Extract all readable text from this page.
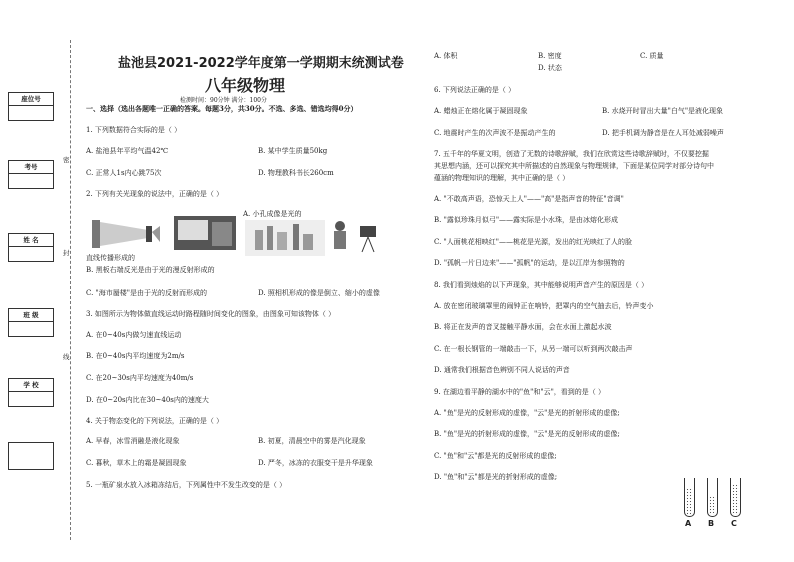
座位号
考号
姓 名
班 级
学 校
密
封
线
盐池县2021-2022学年度第一学期期末统测试卷
八年级物理
检测时间：90分钟 满分：100分
一、选择（选出各题唯一正确的答案。每题3分，共30分。不选、多选、错选均得0分）
1. 下列数据符合实际的是（ ）
A. 盐池县年平均气温42℃	B. 某中学生质量50kg
C. 正常人1s内心跳75次	D. 物理教科书长260cm
2. 下列有关光现象的说法中，正确的是（ ）
A. 小孔成像是光的
直线传播形成的
B. 黑板右端反光是由于光的漫反射形成的
C. "海市蜃楼"是由于光的反射而形成的	D. 照相机形成的像是倒立、缩小的虚像
3. 如图所示为物体做直线运动时路程随时间变化的图象，由图象可知该物体（ ）
A. 在0~40s内做匀速直线运动
B. 在0~40s内平均速度为2m/s
C. 在20~30s内平均速度为40m/s
D. 在0~20s内比在30~40s内的速度大
4. 关于物态变化的下列说法，正确的是（ ）
A. 早春，冰雪消融是液化现象	B. 初夏，清晨空中的雾是汽化现象
C. 暮秋，草木上的霜是凝固现象	D. 严冬，冰冻的衣服变干是升华现象
5. 一瓶矿泉水放入冰箱冻结后，下列属性中不发生改变的是（ ）
A. 体积	B. 密度	C. 质量
D. 状态
6. 下列说法正确的是（ ）
A. 蜡烛正在熔化属于凝固现象	B. 水烧开时冒出大量"白气"是液化现象
C. 地震时产生的次声波不是振动产生的	D. 把手机调为静音是在人耳处减弱噪声
7. 五千年的华夏文明，创造了无数的诗歌辞赋，我们在欣赏这些诗歌辞赋时，不仅要挖掘
其思想内涵，还可以探究其中所描述的自然现象与物理规律，下面是某位同学对部分诗句中
蕴涵的物理知识的理解，其中正确的是（ ）
A. "不敢高声语，恐惊天上人"——"高"是指声音的特征"音调"
B. "露似珍珠月似弓"——露实际是小水珠，是由冰熔化形成
C. "人面桃花相映红"——桃花是光源，发出的红光映红了人的脸
D. "孤帆一片日边来"——"孤帆"的运动，是以江岸为参照物的
8. 我们看到烛焰的以下声现象，其中能够说明声音产生的原因是（ ）
A. 放在密闭玻璃罩里的闹钟正在响铃，把罩内的空气抽去后，铃声变小
B. 将正在发声的音叉接触平静水面，会在水面上激起水波
C. 在一根长钢管的一端敲击一下，从另一端可以听到两次敲击声
D. 通常我们根据音色辨别不同人说话的声音
9. 在湖边看平静的湖水中的"鱼"和"云"，看到的是（ ）
A. "鱼"是光的反射形成的虚像，"云"是光的折射形成的虚像;
B. "鱼"是光的折射形成的虚像，"云"是光的反射形成的虚像;
C. "鱼"和"云"都是光的反射形成的虚像;
D. "鱼"和"云"都是光的折射形成的虚像;
A B C
